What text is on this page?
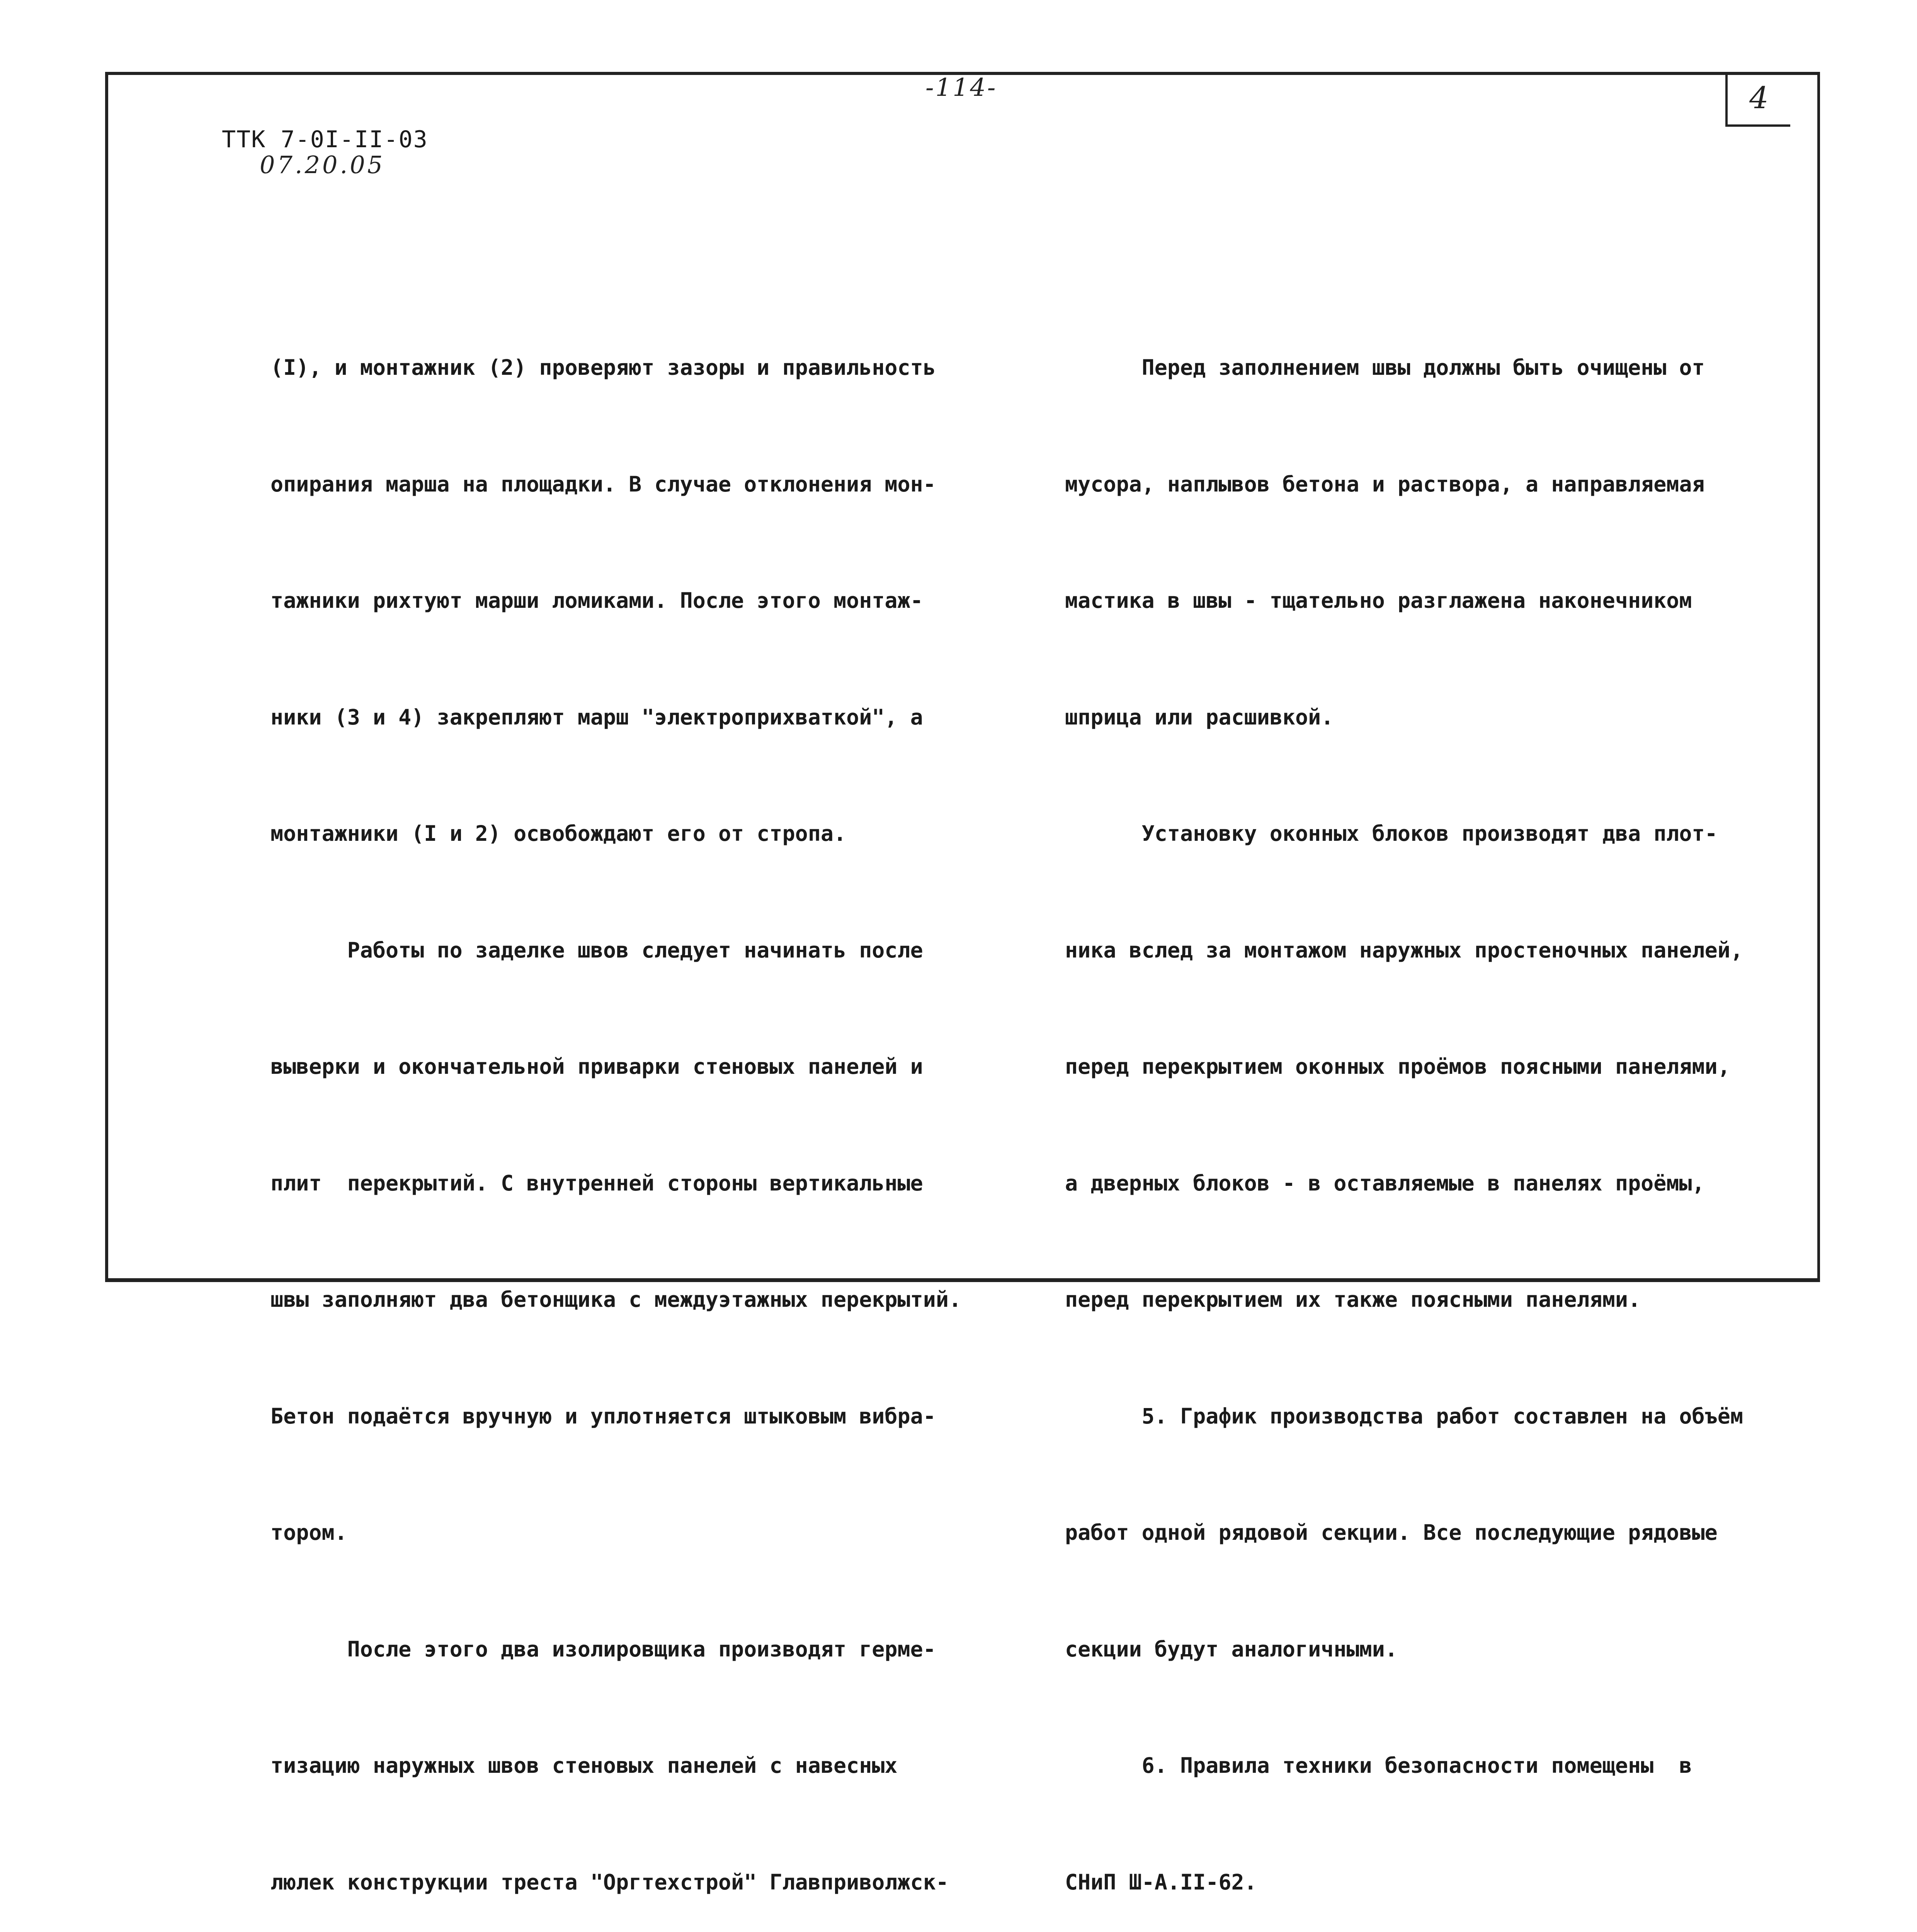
4
-114-
ТТК 7-0I-II-03
07.20.05

(I), и монтажник (2) проверяют зазоры и правильность

опирания марша на площадки. В случае отклонения мон-

тажники рихтуют марши ломиками. После этого монтаж-

ники (3 и 4) закрепляют марш "электроприхваткой", а

монтажники (I и 2) освобождают его от стропа.

Работы по заделке швов следует начинать после

выверки и окончательной приварки стеновых панелей и

плит  перекрытий. С внутренней стороны вертикальные

швы заполняют два бетонщика с междуэтажных перекрытий.

Бетон подаётся вручную и уплотняется штыковым вибра-

тором.

После этого два изолировщика производят герме-

тизацию наружных швов стеновых панелей с навесных

люлек конструкции треста "Оргтехстрой" Главприволжск-

Перед заполнением швы должны быть очищены от

мусора, наплывов бетона и раствора, а направляемая

мастика в швы - тщательно разглажена наконечником

шприца или расшивкой.

Установку оконных блоков производят два плот-

ника вслед за монтажом наружных простеночных панелей,

перед перекрытием оконных проёмов поясными панелями,

а дверных блоков - в оставляемые в панелях проёмы,

перед перекрытием их также поясными панелями.

5. График производства работ составлен на объём

работ одной рядовой секции. Все последующие рядовые

секции будут аналогичными.

6. Правила техники безопасности помещены  в

СНиП Ш-А.II-62.
